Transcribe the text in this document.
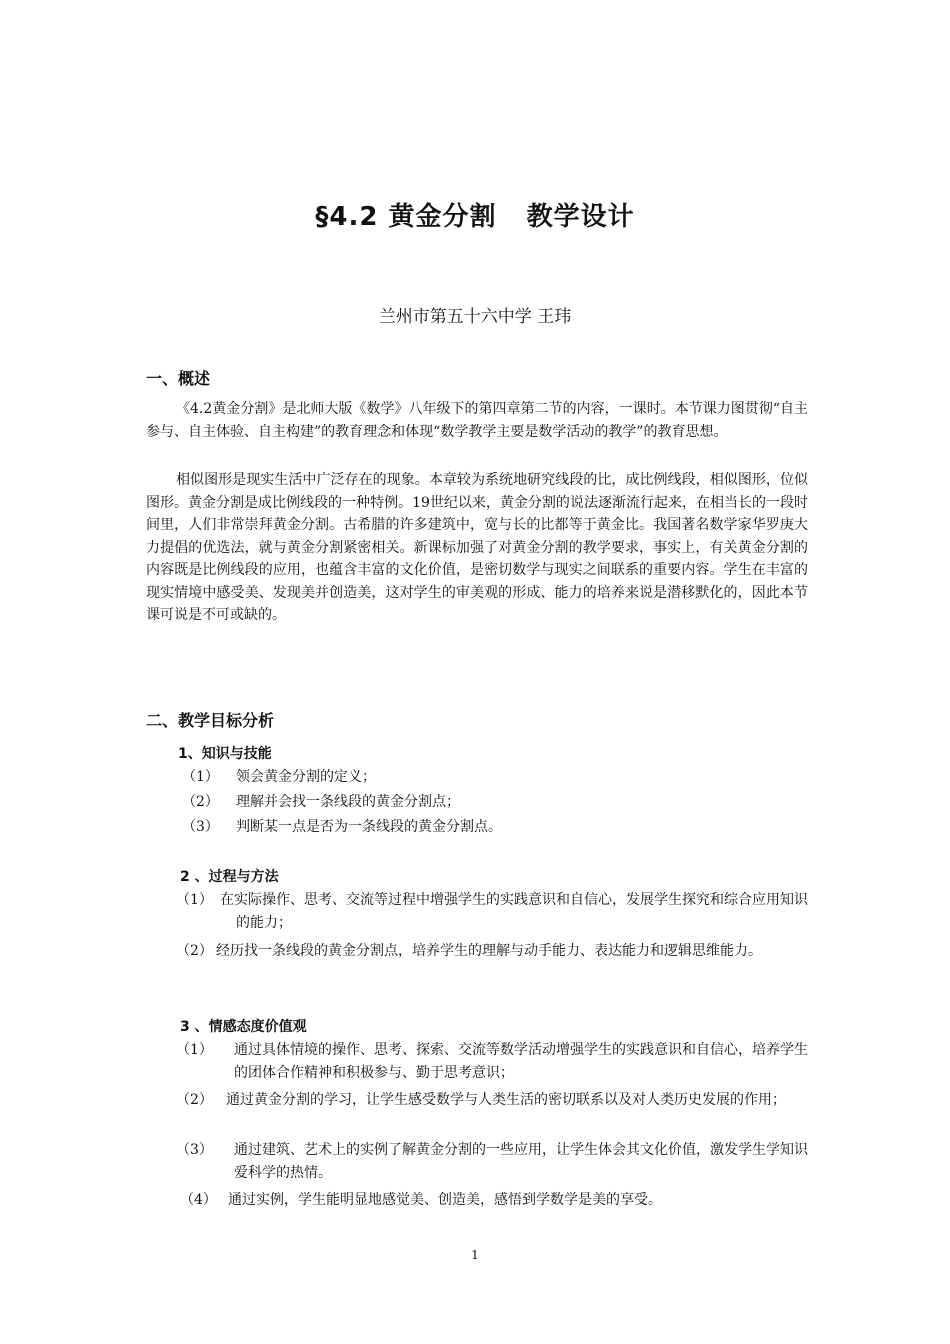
§4.2 黄金分割   教学设计
兰州市第五十六中学 王玮
一、概述
《4.2黄金分割》是北师大版《数学》八年级下的第四章第二节的内容，一课时。本节课力图贯彻“自主参与、自主体验、自主构建”的教育理念和体现“数学教学主要是数学活动的教学”的教育思想。
相似图形是现实生活中广泛存在的现象。本章较为系统地研究线段的比，成比例线段，相似图形，位似图形。黄金分割是成比例线段的一种特例。19世纪以来，黄金分割的说法逐渐流行起来，在相当长的一段时间里，人们非常崇拜黄金分割。古希腊的许多建筑中，宽与长的比都等于黄金比。我国著名数学家华罗庚大力提倡的优选法，就与黄金分割紧密相关。新课标加强了对黄金分割的教学要求，事实上，有关黄金分割的内容既是比例线段的应用，也蕴含丰富的文化价值，是密切数学与现实之间联系的重要内容。学生在丰富的现实情境中感受美、发现美并创造美，这对学生的审美观的形成、能力的培养来说是潜移默化的，因此本节课可说是不可或缺的。
二、教学目标分析
1、知识与技能
（1）	领会黄金分割的定义；
（2）	理解并会找一条线段的黄金分割点；
（3）	判断某一点是否为一条线段的黄金分割点。
2 、过程与方法
（1） 在实际操作、思考、交流等过程中增强学生的实践意识和自信心，发展学生探究和综合应用知识的能力；
（2） 经历找一条线段的黄金分割点，培养学生的理解与动手能力、表达能力和逻辑思维能力。
3 、情感态度价值观
（1） 通过具体情境的操作、思考、探索、交流等数学活动增强学生的实践意识和自信心，培养学生的团体合作精神和积极参与、勤于思考意识；
（2） 通过黄金分割的学习，让学生感受数学与人类生活的密切联系以及对人类历史发展的作用；
（3） 通过建筑、艺术上的实例了解黄金分割的一些应用，让学生体会其文化价值，激发学生学知识爱科学的热情。
（4） 通过实例，学生能明显地感觉美、创造美，感悟到学数学是美的享受。
1
